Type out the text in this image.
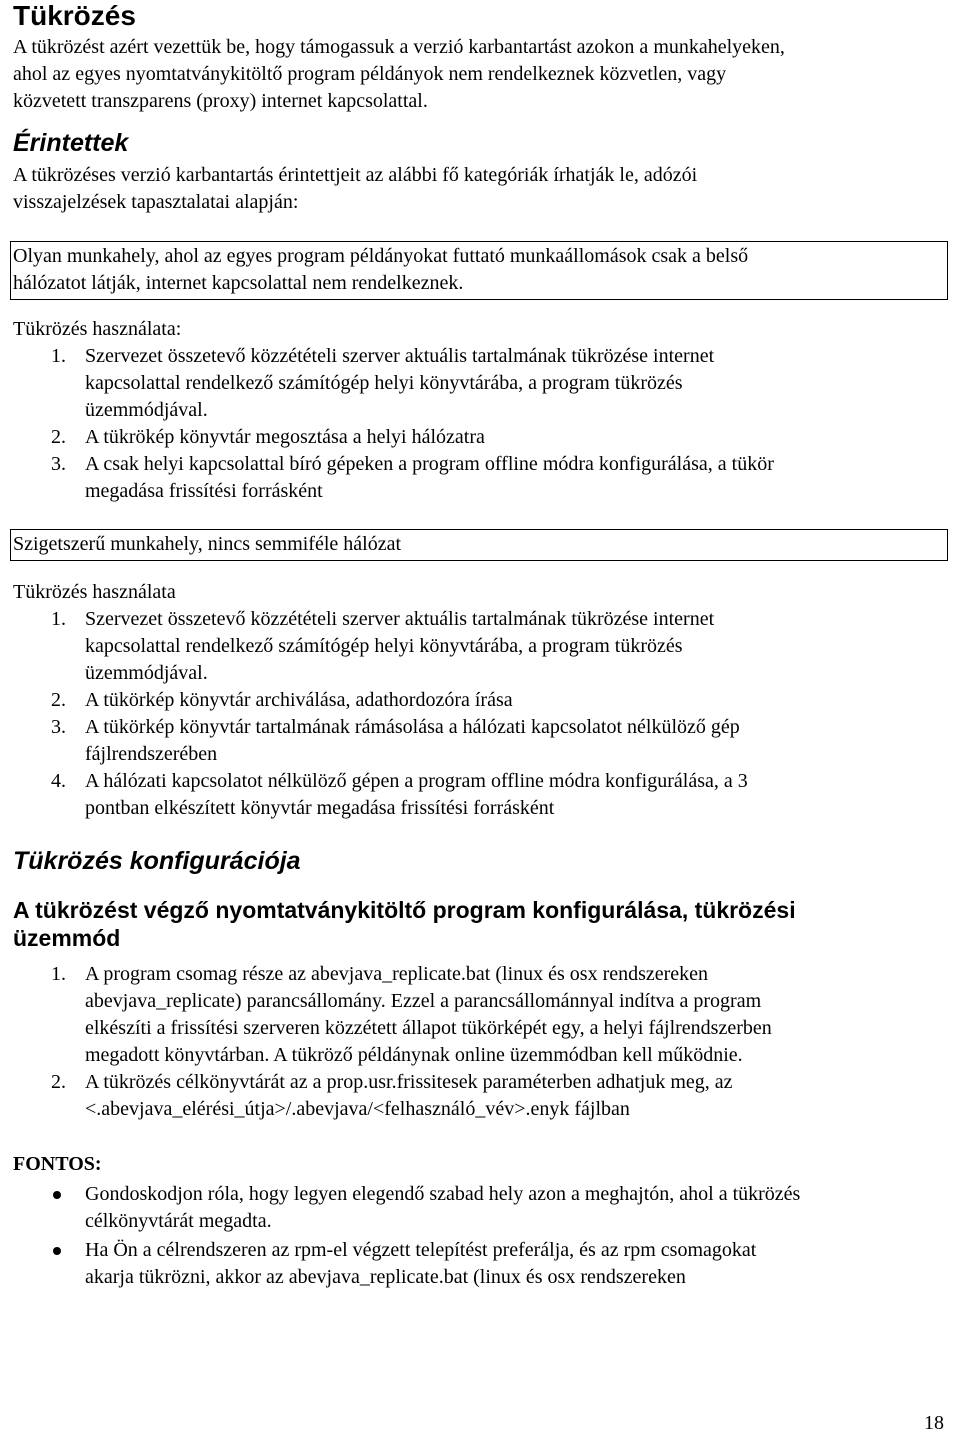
Tükrözés

A tükrözést azért vezettük be, hogy támogassuk a verzió karbantartást azokon a munkahelyeken,

ahol az egyes nyomtatványkitöltő program példányok nem rendelkeznek közvetlen, vagy

közvetett transzparens (proxy) internet kapcsolattal.

Érintettek

A tükrözéses verzió karbantartás érintettjeit az alábbi fő kategóriák írhatják le, adózói

visszajelzések tapasztalatai alapján:

Olyan munkahely, ahol az egyes program példányokat futtató munkaállomások csak a belső
hálózatot látják, internet kapcsolattal nem rendelkeznek.

Tükrözés használata:

1. Szervezet összetevő közzétételi szerver aktuális tartalmának tükrözése internet
kapcsolattal rendelkező számítógép helyi könyvtárába, a program tükrözés
üzemmódjával.
2. A tükrökép könyvtár megosztása a helyi hálózatra
3. A csak helyi kapcsolattal bíró gépeken a program offline módra konfigurálása, a tükör
megadása frissítési forrásként
Szigetszerű munkahely, nincs semmiféle hálózat

Tükrözés használata

1. Szervezet összetevő közzétételi szerver aktuális tartalmának tükrözése internet
kapcsolattal rendelkező számítógép helyi könyvtárába, a program tükrözés
üzemmódjával.
2. A tükörkép könyvtár archiválása, adathordozóra írása
3. A tükörkép könyvtár tartalmának rámásolása a hálózati kapcsolatot nélkülöző gép
fájlrendszerében
4. A hálózati kapcsolatot nélkülöző gépen a program offline módra konfigurálása, a 3
pontban elkészített könyvtár megadása frissítési forrásként
Tükrözés konfigurációja
A tükrözést végző nyomtatványkitöltő program konfigurálása, tükrözési
üzemmód
1. A program csomag része az abevjava_replicate.bat (linux és osx rendszereken
abevjava_replicate) parancsállomány. Ezzel a parancsállománnyal indítva a program
elkészíti a frissítési szerveren közzétett állapot tükörképét egy, a helyi fájlrendszerben
megadott könyvtárban. A tükröző példánynak online üzemmódban kell működnie.
2. A tükrözés célkönyvtárát az a prop.usr.frissitesek paraméterben adhatjuk meg, az
<.abevjava_elérési_útja>/.abevjava/<felhasználó_vév>.enyk fájlban

FONTOS:

Gondoskodjon róla, hogy legyen elegendő szabad hely azon a meghajtón, ahol a tükrözés
célkönyvtárát megadta.
Ha Ön a célrendszeren az rpm-el végzett telepítést preferálja, és az rpm csomagokat
akarja tükrözni, akkor az abevjava_replicate.bat (linux és osx rendszereken
18
